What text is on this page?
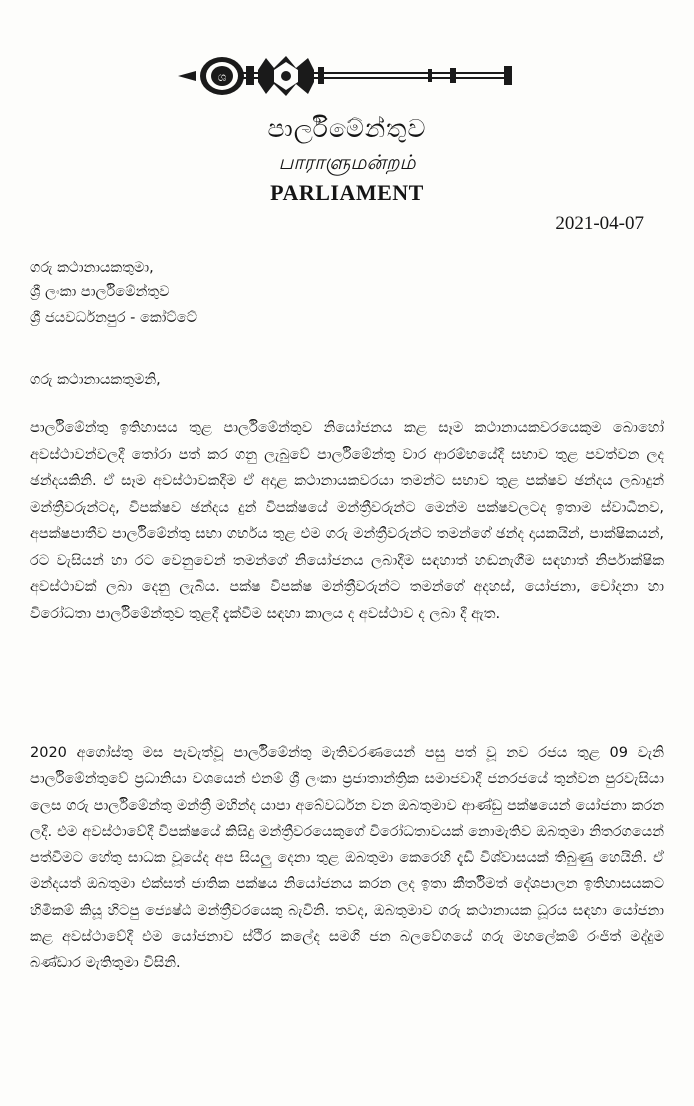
ශ
පාර්ලිමේන්තුව
பாராளுமன்றம்
PARLIAMENT
2021-04-07
ගරු කථානායකතුමා,
ශ්‍රී ලංකා පාර්ලිමේන්තුව
ශ්‍රී ජයවර්ධනපුර - කෝට්ටේ
ගරු කථානායකතුමනි,

පාර්ලිමේන්තු ඉතිහාසය තුළ පාර්ලිමේන්තුව නියෝජනය කළ සෑම කථානායකවරයෙකුම බොහෝ අවස්ථාවන්වලදී තෝරා පත් කර ගනු ලැබුවේ පාර්ලිමේන්තු වාර ආරම්භයේදී සභාව තුළ පවත්වන ලද ඡන්දයකිනි. ඒ සෑම අවස්ථාවකදීම ඒ අදාළ කථානායකවරයා තමන්ට සභාව තුළ පක්ෂව ඡන්දය ලබාදුන් මන්ත්‍රීවරුන්ටද, විපක්ෂව ඡන්දය දුන් විපක්ෂයේ මන්ත්‍රීවරුන්ට මෙන්ම පක්ෂවලටද ඉතාම ස්වාධීනව, අපක්ෂපාතීව පාර්ලිමේන්තු සභා ගර්භය තුළ එම ගරු මන්ත්‍රීවරුන්ට තමන්ගේ ඡන්ද දායකයින්, පාක්ෂිකයන්, රට වැසියන් හා රට වෙනුවෙන් තමන්ගේ නියෝජනය ලබාදීම සඳහාත් හඬනැගීම සඳහාත් නිර්පාක්ෂික අවස්ථාවක් ලබා දෙනු ලැබිය. පක්ෂ විපක්ෂ මන්ත්‍රීවරුන්ට තමන්ගේ අදහස්, යෝජනා, චෝදනා හා විරෝධතා පාර්ලිමේන්තුව තුළදී දැක්වීම සඳහා කාලය ද අවස්ථාව ද ලබා දී ඇත.

2020 අගෝස්තු මස පැවැත්වූ පාර්ලිමේන්තු මැතිවරණයෙන් පසු පත් වූ නව රජය තුළ 09 වැනි පාර්ලිමේන්තුවේ ප්‍රධානියා වශයෙන් එනම් ශ්‍රී ලංකා ප්‍රජාතාන්ත්‍රික සමාජවාදී ජනරජයේ තුන්වන පුරවැසියා ලෙස ගරු පාර්ලිමේන්තු මන්ත්‍රී මහින්ද යාපා අබේවර්ධන වන ඔබතුමාව ආණ්ඩු පක්ෂයෙන් යෝජනා කරන ලදී. එම අවස්ථාවේදී විපක්ෂයේ කිසිදු මන්ත්‍රීවරයෙකුගේ විරෝධතාවයක් නොමැතිව ඔබතුමා නිතරගයෙන් පත්වීමට හේතු සාධක වූයේද අප සියලු දෙනා තුළ ඔබතුමා කෙරෙහි දැඩි විශ්වාසයක් තිබුණු හෙයිනි. ඒ මන්දයත් ඔබතුමා එක්සත් ජාතික පක්ෂය නියෝජනය කරන ලද ඉතා කීර්තිමත් දේශපාලන ඉතිහාසයකට හිමිකම් කියූ හිටපු ජ්‍යෙෂ්ඨ මන්ත්‍රීවරයෙකු බැවිනි. තවද, ඔබතුමාව ගරු කථානායක ධූරය සඳහා යෝජනා කළ අවස්ථාවේදී එම යෝජනාව ස්ථිර කලේද සමගි ජන බලවේගයේ ගරු මහලේකම් රංජිත් මද්දුම බණ්ඩාර මැතිතුමා විසිනි.
